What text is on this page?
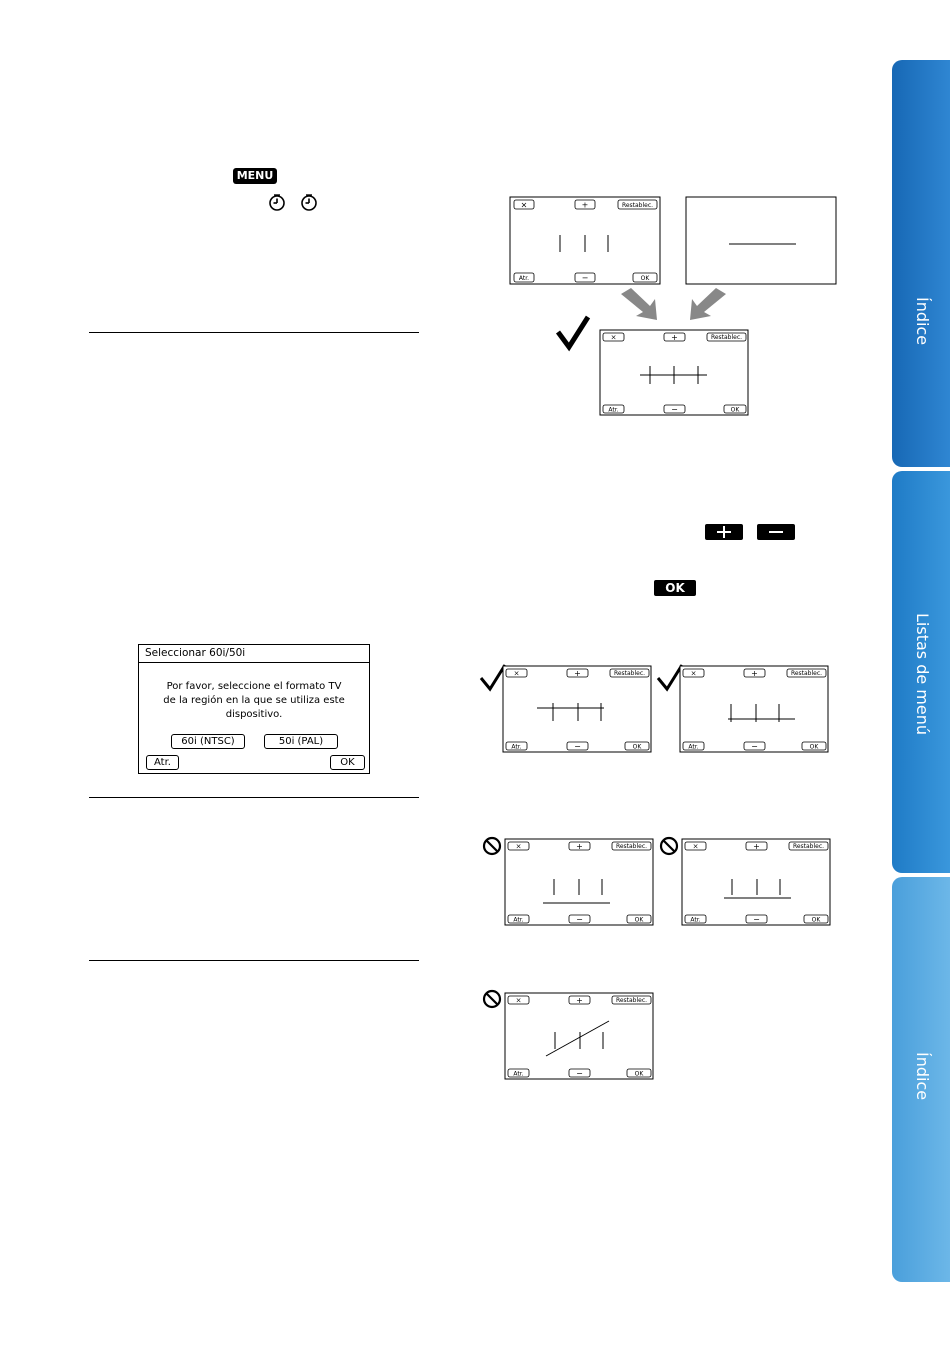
MENU
Seleccionar 60i/50i
Por favor, seleccione el formato TV
de la región en la que se utiliza este
dispositivo.
60i (NTSC)	50i (PAL)
Atr.	OK
×	+	Restablec.
Atr.	−	OK
×	+	Restablec.
Atr.	−	OK
OK
×	+	Restablec.
Atr.	−	OK
×	+	Restablec.
Atr.	−	OK
×	+	Restablec.
Atr.	−	OK
×	+	Restablec.
Atr.	−	OK
×	+	Restablec.
Atr.	−	OK
Índice
Listas de menú
Índice
